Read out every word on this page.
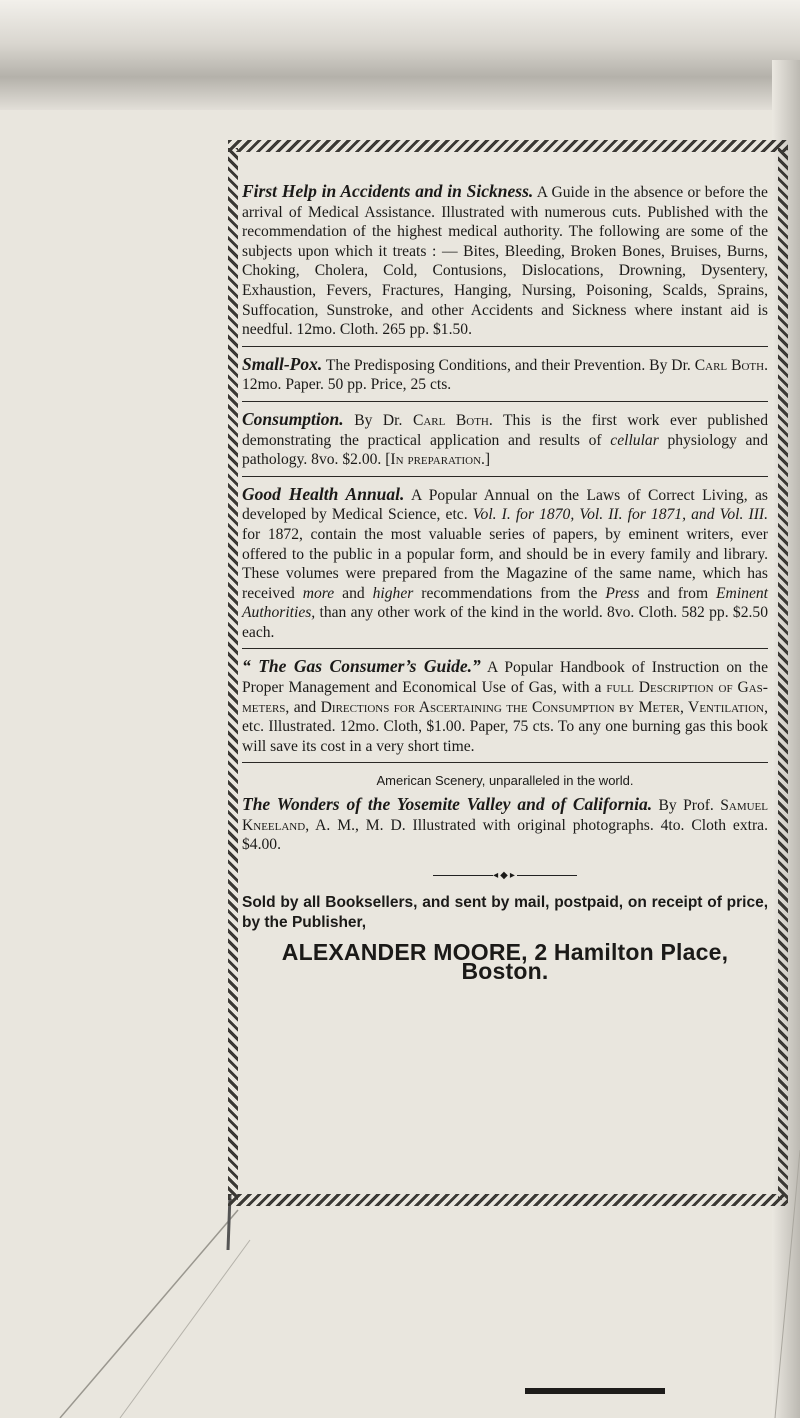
First Help in Accidents and in Sickness. A Guide in the absence or before the arrival of Medical Assistance. Illustrated with numerous cuts. Published with the recommendation of the highest medical authority. The following are some of the subjects upon which it treats : — Bites, Bleeding, Broken Bones, Bruises, Burns, Choking, Cholera, Cold, Contusions, Dislocations, Drowning, Dysentery, Exhaustion, Fevers, Fractures, Hanging, Nursing, Poisoning, Scalds, Sprains, Suffocation, Sunstroke, and other Accidents and Sickness where instant aid is needful. 12mo. Cloth. 265 pp. $1.50.
Small-Pox. The Predisposing Conditions, and their Prevention. By Dr. Carl Both. 12mo. Paper. 50 pp. Price, 25 cts.
Consumption. By Dr. Carl Both. This is the first work ever published demonstrating the practical application and results of cellular physiology and pathology. 8vo. $2.00. [In preparation.]
Good Health Annual. A Popular Annual on the Laws of Correct Living, as developed by Medical Science, etc. Vol. I. for 1870, Vol. II. for 1871, and Vol. III. for 1872, contain the most valuable series of papers, by eminent writers, ever offered to the public in a popular form, and should be in every family and library. These volumes were prepared from the Magazine of the same name, which has received more and higher recommendations from the Press and from Eminent Authorities, than any other work of the kind in the world. 8vo. Cloth. 582 pp. $2.50 each.
“ The Gas Consumer’s Guide.” A Popular Handbook of Instruction on the Proper Management and Economical Use of Gas, with a full Description of Gas-meters, and Directions for Ascertaining the Consumption by Meter, Ventilation, etc. Illustrated. 12mo. Cloth, $1.00. Paper, 75 cts. To any one burning gas this book will save its cost in a very short time.
American Scenery, unparalleled in the world.
The Wonders of the Yosemite Valley and of California. By Prof. Samuel Kneeland, A. M., M. D. Illustrated with original photographs. 4to. Cloth extra. $4.00.
◂◆▸
Sold by all Booksellers, and sent by mail, postpaid, on receipt of price, by the Publisher,
ALEXANDER MOORE, 2 Hamilton Place, Boston.
